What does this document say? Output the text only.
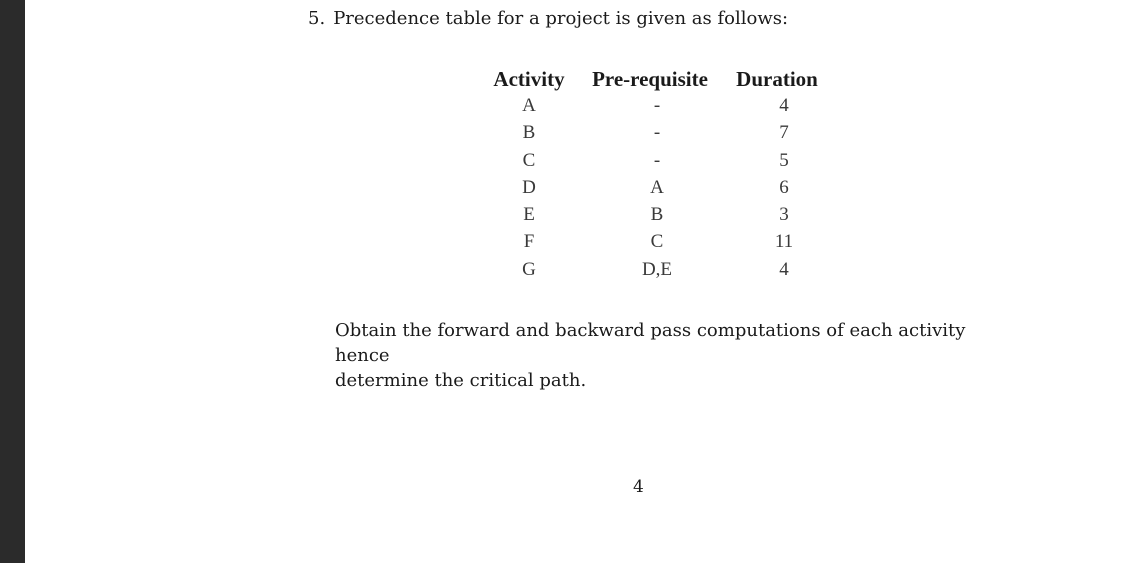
5. Precedence table for a project is given as follows:
Activity	Pre-requisite	Duration
A	-	4
B	-	7
C	-	5
D	A	6
E	B	3
F	C	11
G	D,E	4
Obtain the forward and backward pass computations of each activity hence
determine the critical path.
4
